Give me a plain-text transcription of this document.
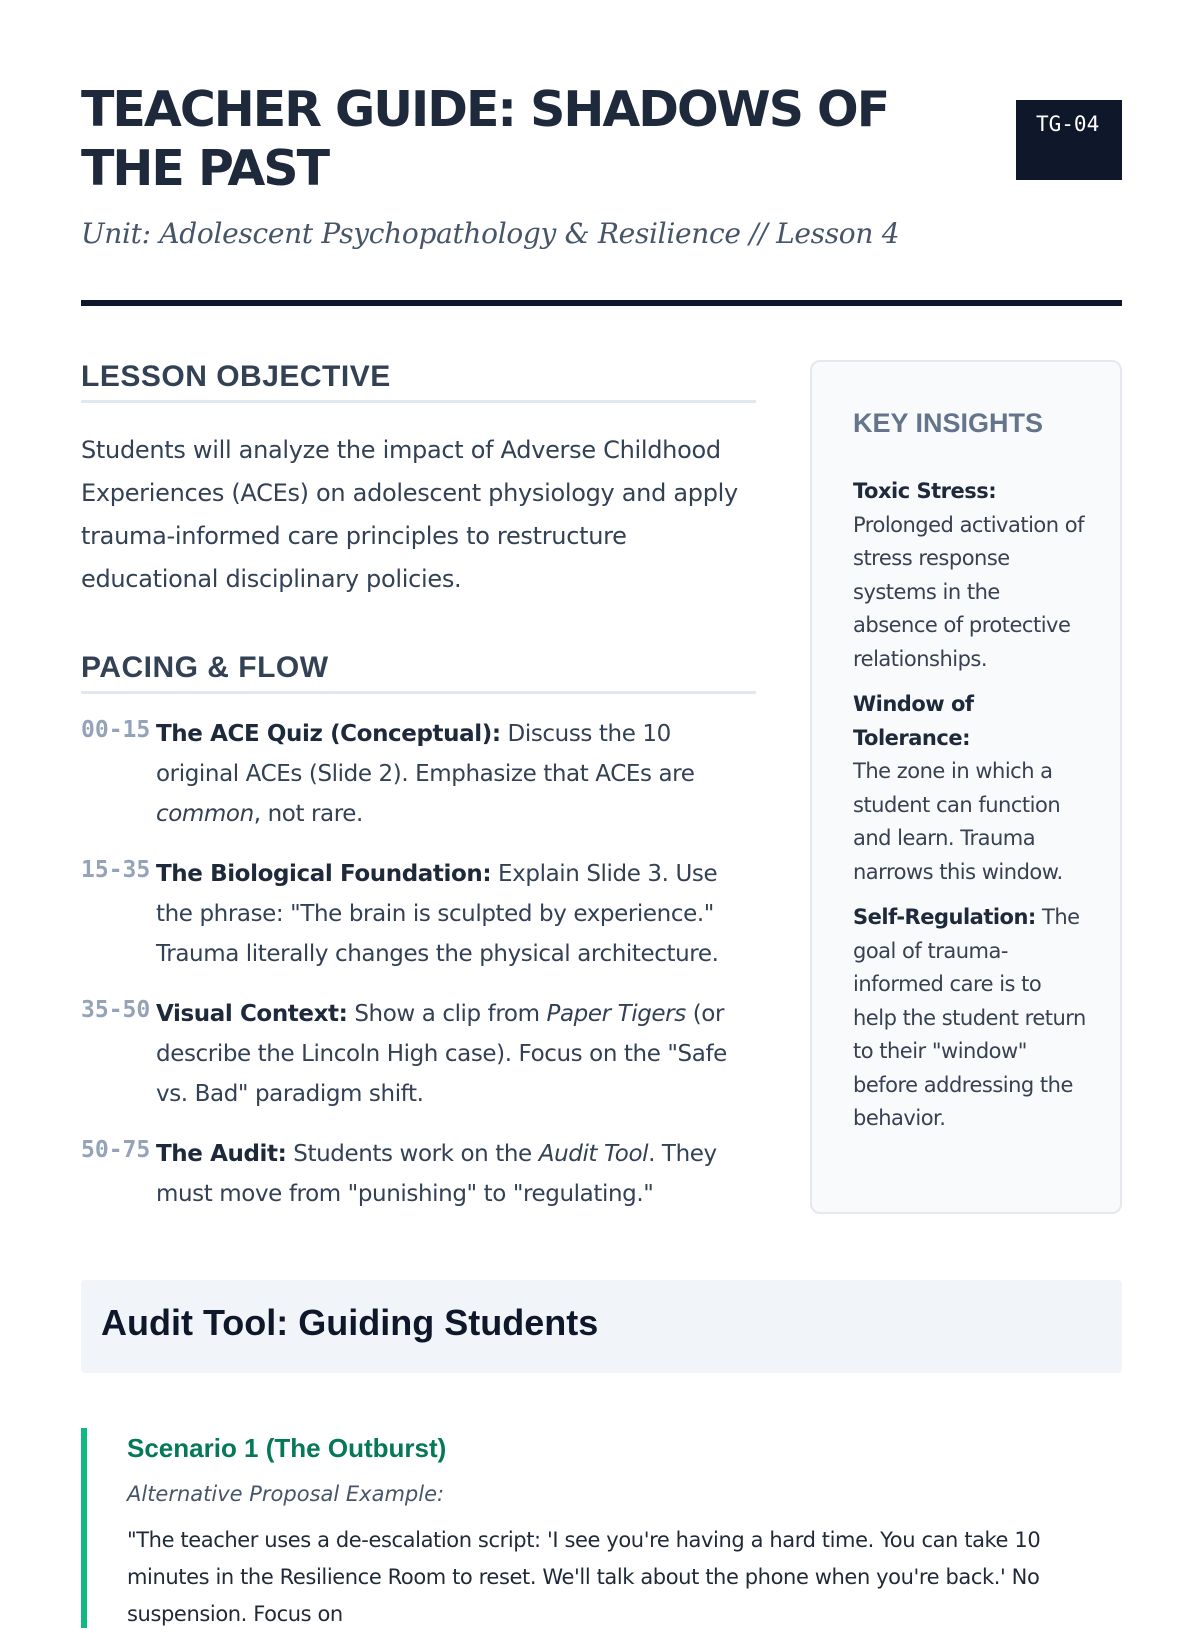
TEACHER GUIDE: SHADOWS OF THE PAST
TG-04
Unit: Adolescent Psychopathology & Resilience // Lesson 4
LESSON OBJECTIVE

Students will analyze the impact of Adverse Childhood Experiences (ACEs) on adolescent physiology and apply trauma-informed care principles to restructure educational disciplinary policies.

PACING & FLOW
00-15 The ACE Quiz (Conceptual): Discuss the 10 original ACEs (Slide 2). Emphasize that ACEs are common, not rare.
15-35 The Biological Foundation: Explain Slide 3. Use the phrase: "The brain is sculpted by experience." Trauma literally changes the physical architecture.
35-50 Visual Context: Show a clip from Paper Tigers (or describe the Lincoln High case). Focus on the "Safe vs. Bad" paradigm shift.
50-75 The Audit: Students work on the Audit Tool. They must move from "punishing" to "regulating."
KEY INSIGHTS
Toxic Stress:
Prolonged activation of stress response systems in the absence of protective relationships.
Window of Tolerance:
The zone in which a student can function and learn. Trauma narrows this window.
Self-Regulation: The goal of trauma-informed care is to help the student return to their "window" before addressing the behavior.
Audit Tool: Guiding Students
Scenario 1 (The Outburst)
Alternative Proposal Example:
"The teacher uses a de-escalation script: 'I see you're having a hard time. You can take 10 minutes in the Resilience Room to reset. We'll talk about the phone when you're back.' No suspension. Focus on
